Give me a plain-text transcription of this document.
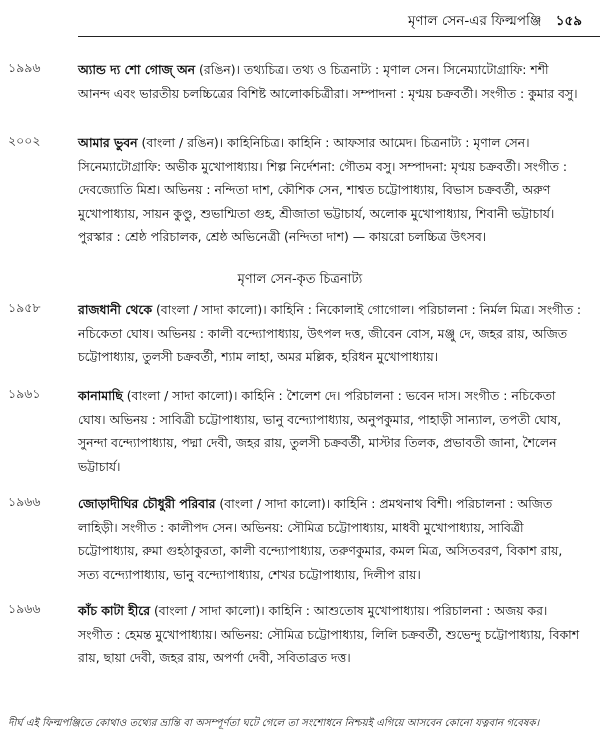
মৃণাল সেন-এর ফিল্মপঞ্জি ১৫৯
১৯৯৬	অ্যান্ড দ্য শো গোজ্‌ অন (রঙিন)। তথ্যচিত্র। তথ্য ও চিত্রনাট্য : মৃণাল সেন। সিনেম্যাটোগ্রাফি: শশী আনন্দ এবং ভারতীয় চলচ্চিত্রের বিশিষ্ট আলোকচিত্রীরা। সম্পাদনা : মৃণ্ময় চক্রবর্তী। সংগীত : কুমার বসু।
২০০২	আমার ভুবন (বাংলা / রঙিন)। কাহিনিচিত্র। কাহিনি : আফসার আমেদ। চিত্রনাট্য : মৃণাল সেন। সিনেম্যাটোগ্রাফি: অভীক মুখোপাধ্যায়। শিল্প নির্দেশনা: গৌতম বসু। সম্পাদনা: মৃণ্ময় চক্রবর্তী। সংগীত : দেবজ্যোতি মিশ্র। অভিনয় : নন্দিতা দাশ, কৌশিক সেন, শাশ্বত চট্টোপাধ্যায়, বিভাস চক্রবর্তী, অরুণ মুখোপাধ্যায়, সায়ন কুণ্ডু, শুভাশ্মিতা গুহ, শ্রীজাতা ভট্টাচার্য, অলোক মুখোপাধ্যায়, শিবানী ভট্টাচার্য। পুরস্কার : শ্রেষ্ঠ পরিচালক, শ্রেষ্ঠ অভিনেত্রী (নন্দিতা দাশ) — কায়রো চলচ্চিত্র উৎসব।
মৃণাল সেন-কৃত চিত্রনাট্য
১৯৫৮	রাজধানী থেকে (বাংলা / সাদা কালো)। কাহিনি : নিকোলাই গোগোল। পরিচালনা : নির্মল মিত্র। সংগীত : নচিকেতা ঘোষ। অভিনয় : কালী বন্দ্যোপাধ্যায়, উৎপল দত্ত, জীবেন বোস, মঞ্জু দে, জহর রায়, অজিত চট্টোপাধ্যায়, তুলসী চক্রবর্তী, শ্যাম লাহা, অমর মল্লিক, হরিধন মুখোপাধ্যায়।
১৯৬১	কানামাছি (বাংলা / সাদা কালো)। কাহিনি : শৈলেশ দে। পরিচালনা : ভবেন দাস। সংগীত : নচিকেতা ঘোষ। অভিনয় : সাবিত্রী চট্টোপাধ্যায়, ভানু বন্দ্যোপাধ্যায়, অনুপকুমার, পাহাড়ী সান্যাল, তপতী ঘোষ, সুনন্দা বন্দ্যোপাধ্যায়, পদ্মা দেবী, জহর রায়, তুলসী চক্রবর্তী, মাস্টার তিলক, প্রভাবতী জানা, শৈলেন ভট্টাচার্য।
১৯৬৬	জোড়াদীঘির চৌধুরী পরিবার (বাংলা / সাদা কালো)। কাহিনি : প্রমথনাথ বিশী। পরিচালনা : অজিত লাহিড়ী। সংগীত : কালীপদ সেন। অভিনয়: সৌমিত্র চট্টোপাধ্যায়, মাধবী মুখোপাধ্যায়, সাবিত্রী চট্টোপাধ্যায়, রুমা গুহঠাকুরতা, কালী বন্দ্যোপাধ্যায়, তরুণকুমার, কমল মিত্র, অসিতবরণ, বিকাশ রায়, সত্য বন্দ্যোপাধ্যায়, ভানু বন্দ্যোপাধ্যায়, শেখর চট্টোপাধ্যায়, দিলীপ রায়।
১৯৬৬	কাঁচ কাটা হীরে (বাংলা / সাদা কালো)। কাহিনি : আশুতোষ মুখোপাধ্যায়। পরিচালনা : অজয় কর। সংগীত : হেমন্ত মুখোপাধ্যায়। অভিনয়: সৌমিত্র চট্টোপাধ্যায়, লিলি চক্রবর্তী, শুভেন্দু চট্টোপাধ্যায়, বিকাশ রায়, ছায়া দেবী, জহর রায়, অপর্ণা দেবী, সবিতাব্রত দত্ত।
দীর্ঘ এই ফিল্মপঞ্জিতে কোথাও তথ্যের ভ্রান্তি বা অসম্পূর্ণতা ঘটে গেলে তা সংশোধনে নিশ্চয়ই এগিয়ে আসবেন কোনো যত্নবান গবেষক।
